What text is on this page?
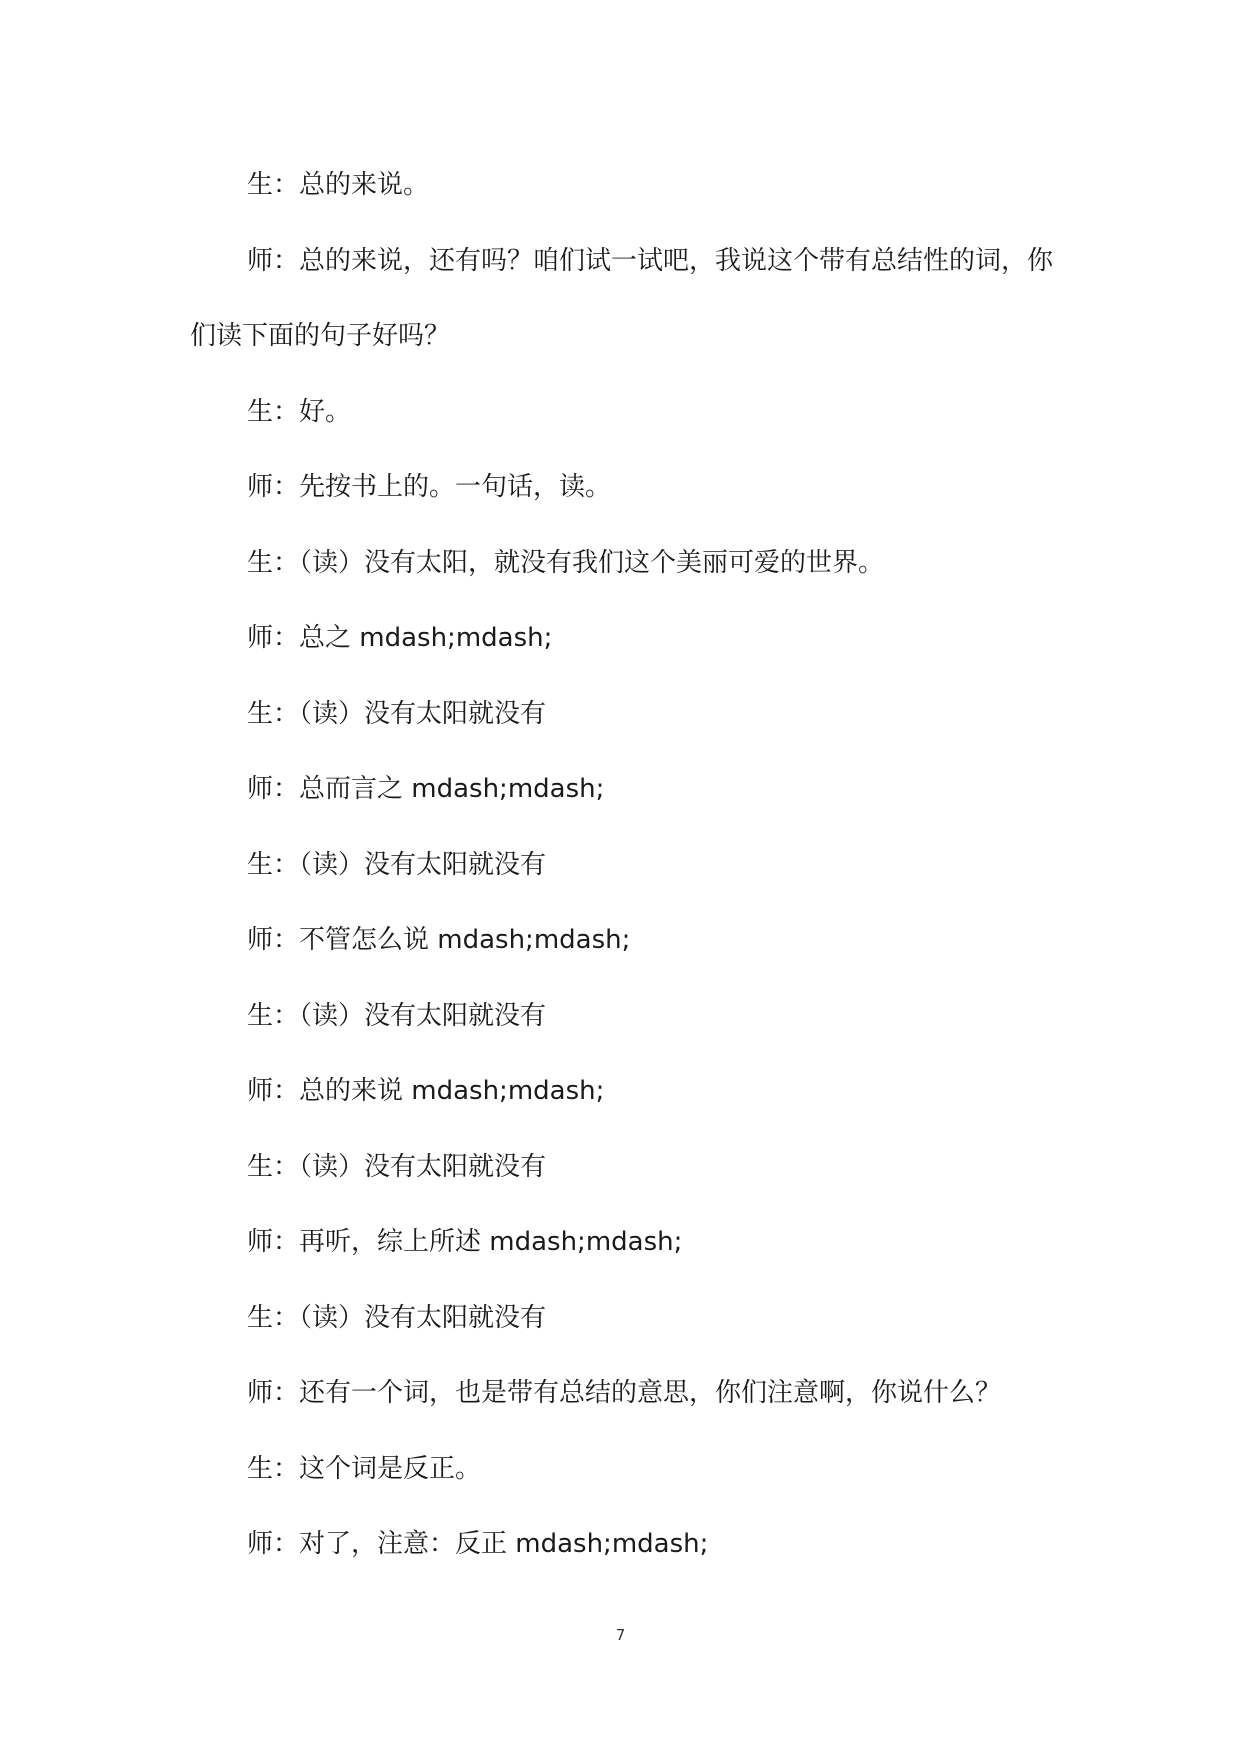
生：总的来说。

师：总的来说，还有吗？咱们试一试吧，我说这个带有总结性的词，你们读下面的句子好吗？

生：好。

师：先按书上的。一句话，读。

生：（读）没有太阳，就没有我们这个美丽可爱的世界。

师：总之 mdash;mdash;

生：（读）没有太阳就没有

师：总而言之 mdash;mdash;

生：（读）没有太阳就没有

师：不管怎么说 mdash;mdash;

生：（读）没有太阳就没有

师：总的来说 mdash;mdash;

生：（读）没有太阳就没有

师：再听，综上所述 mdash;mdash;

生：（读）没有太阳就没有

师：还有一个词，也是带有总结的意思，你们注意啊，你说什么？

生：这个词是反正。

师：对了，注意：反正 mdash;mdash;

7
